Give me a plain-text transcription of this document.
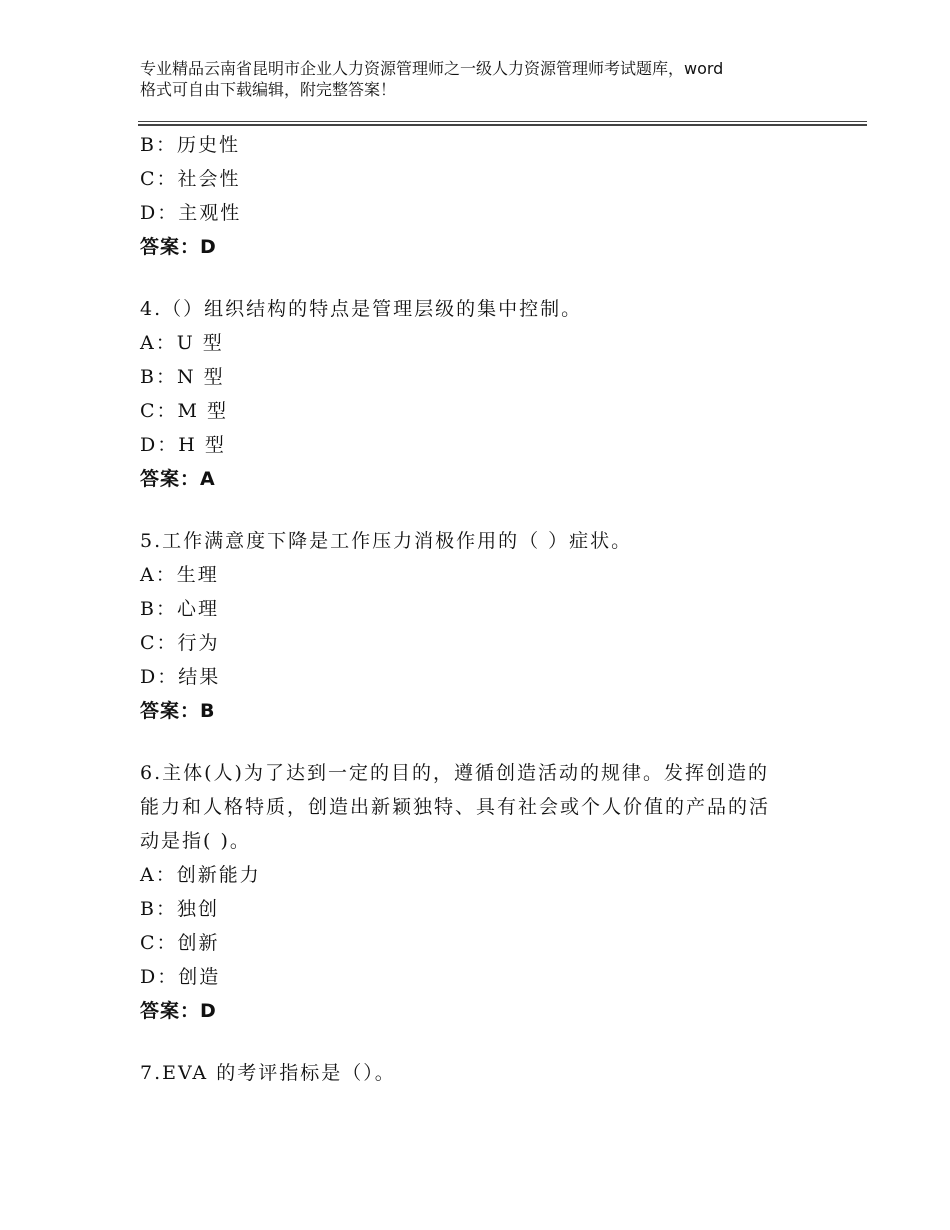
专业精品云南省昆明市企业人力资源管理师之一级人力资源管理师考试题库，word
格式可自由下载编辑，附完整答案！
B：历史性
C：社会性
D：主观性
答案：D
4.（）组织结构的特点是管理层级的集中控制。
A：U 型
B：N 型
C：M 型
D：H 型
答案：A
5.工作满意度下降是工作压力消极作用的（ ）症状。
A：生理
B：心理
C：行为
D：结果
答案：B
6.主体(人)为了达到一定的目的，遵循创造活动的规律。发挥创造的
能力和人格特质，创造出新颖独特、具有社会或个人价值的产品的活
动是指( )。
A：创新能力
B：独创
C：创新
D：创造
答案：D
7.EVA 的考评指标是（）。
